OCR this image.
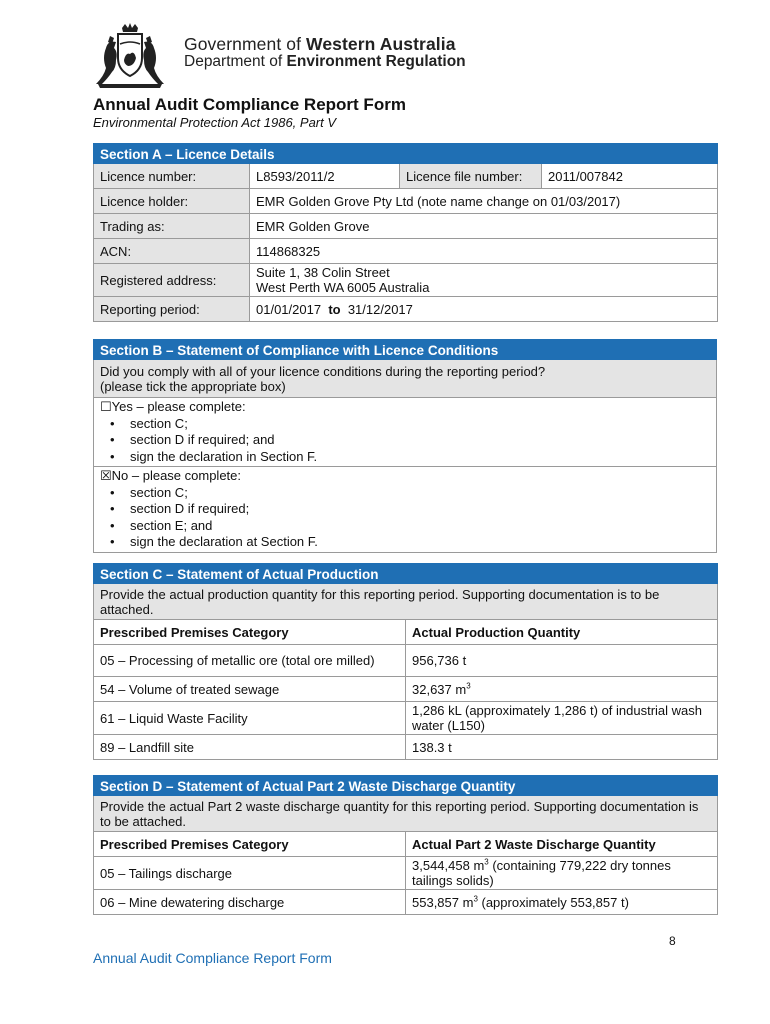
Government of Western Australia
Department of Environment Regulation
Annual Audit Compliance Report Form
Environmental Protection Act 1986, Part V
Section A – Licence Details			
Licence number:	L8593/2011/2	Licence file number:	2011/007842
Licence holder:	EMR Golden Grove Pty Ltd (note name change on 01/03/2017)		
Trading as:	EMR Golden Grove		
ACN:	114868325		
Registered address:	Suite 1, 38 Colin Street
West Perth WA 6005 Australia		

Reporting period:	01/01/2017 to 31/12/2017		
Section B – Statement of Compliance with Licence Conditions

Did you comply with all of your licence conditions during the reporting period?
(please tick the appropriate box)

☐Yes – please complete:
• section C;
• section D if required; and
• sign the declaration in Section F.

☒No – please complete:
• section C;
• section D if required;
• section E; and
• sign the declaration at Section F.
Section C – Statement of Actual Production	
Provide the actual production quantity for this reporting period. Supporting documentation is to be attached.	
Prescribed Premises Category	Actual Production Quantity
05 – Processing of metallic ore (total ore milled)	956,736 t
54 – Volume of treated sewage	32,637 $m^3$
61 – Liquid Waste Facility	1,286 kL (approximately 1,286 t) of industrial wash water (L150)
89 – Landfill site	138.3 t
Section D – Statement of Actual Part 2 Waste Discharge Quantity	
Provide the actual Part 2 waste discharge quantity for this reporting period. Supporting documentation is to be attached.	
Prescribed Premises Category	Actual Part 2 Waste Discharge Quantity
05 – Tailings discharge	3,544,458 $m^3$ (containing 779,222 dry tonnes tailings solids)
06 – Mine dewatering discharge	553,857 $m^3$ (approximately 553,857 t)
8
Annual Audit Compliance Report Form
